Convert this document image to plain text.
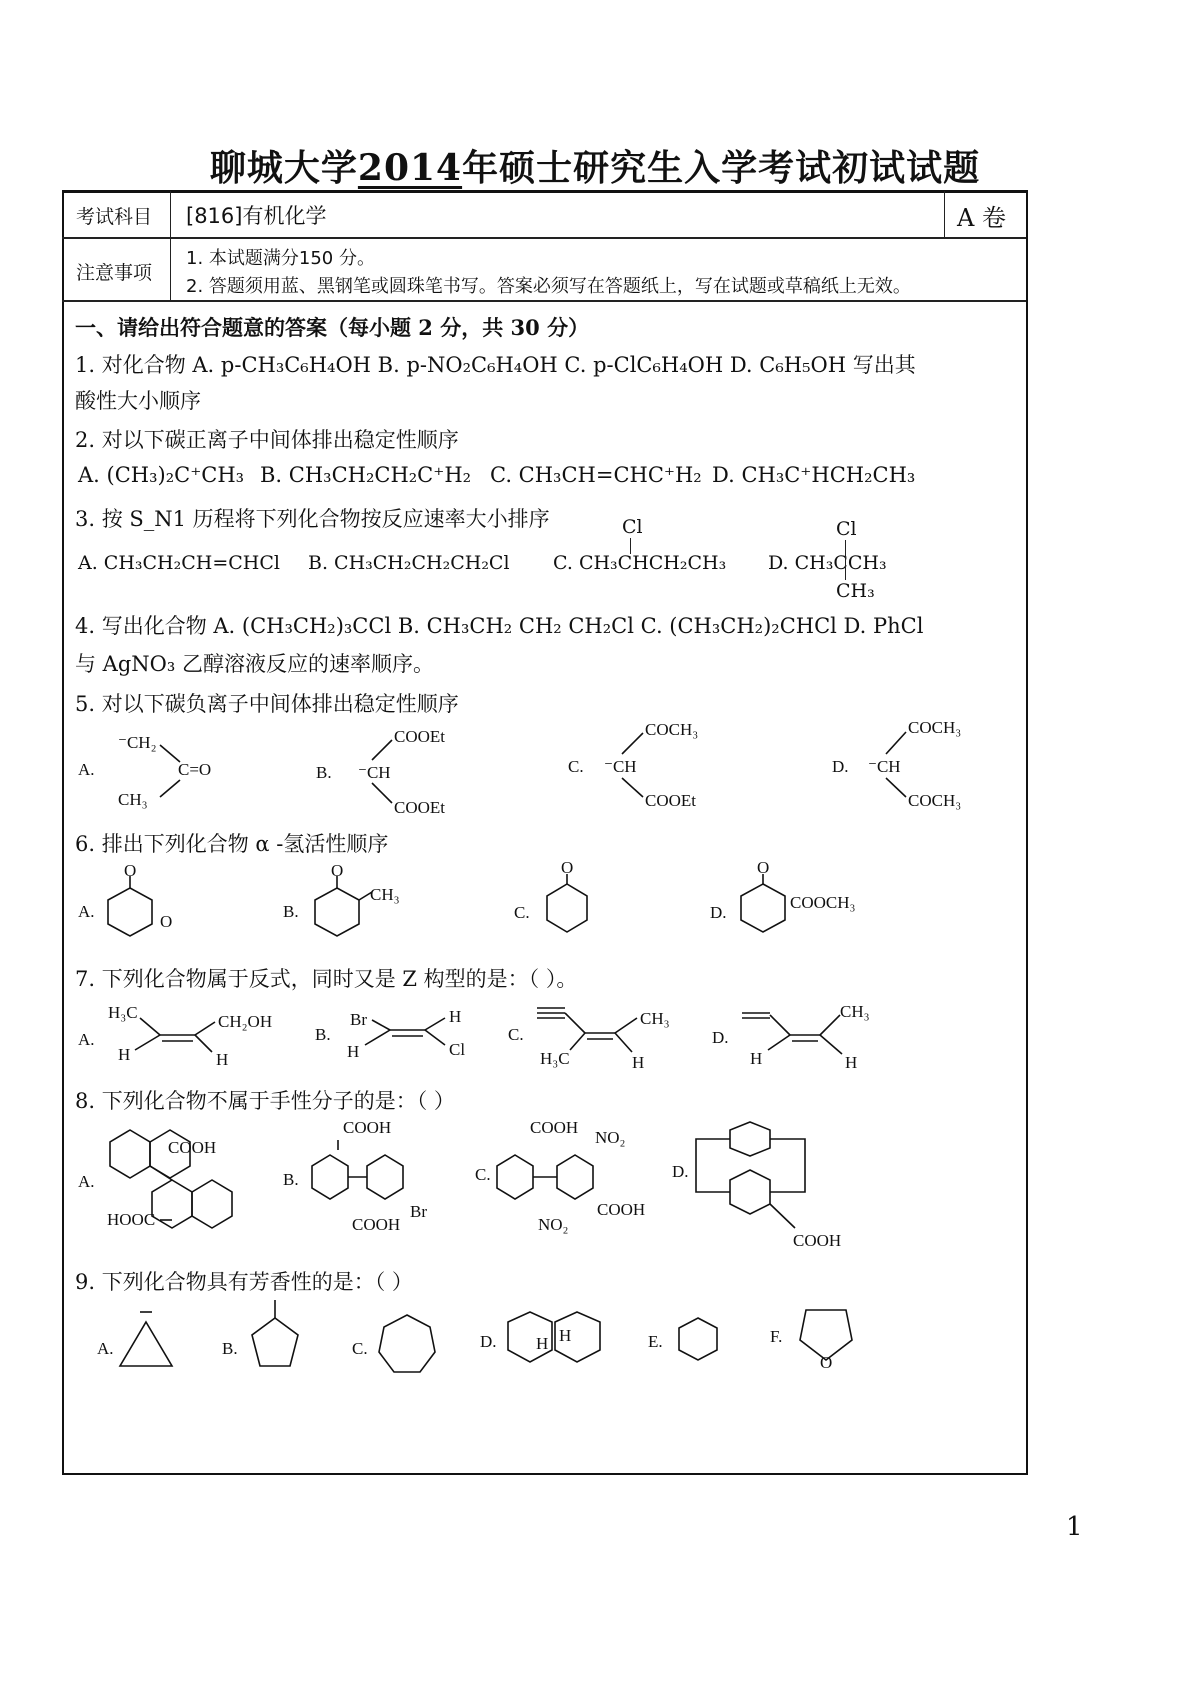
聊城大学2014年硕士研究生入学考试初试试题
考试科目 [816]有机化学	A 卷
注意事项
1. 本试题满分150 分。
2. 答题须用蓝、黑钢笔或圆珠笔书写。答案必须写在答题纸上，写在试题或草稿纸上无效。
一、请给出符合题意的答案（每小题 2 分，共 30 分）
1. 对化合物 A. p-CH₃C₆H₄OH B. p-NO₂C₆H₄OH C. p-ClC₆H₄OH D. C₆H₅OH 写出其
酸性大小顺序
2. 对以下碳正离子中间体排出稳定性顺序
A. (CH₃)₂C⁺CH₃ B. CH₃CH₂CH₂C⁺H₂ C. CH₃CH=CHC⁺H₂ D. CH₃C⁺HCH₂CH₃
3. 按 S_N1 历程将下列化合物按反应速率大小排序
A. CH₃CH₂CH=CHCl B. CH₃CH₂CH₂CH₂Cl C. CH₃CHCH₂CH₃
Cl
D. CH₃CCH₃
Cl
CH₃
4. 写出化合物 A. (CH₃CH₂)₃CCl B. CH₃CH₂ CH₂ CH₂Cl C. (CH₃CH₂)₂CHCl D. PhCl
与 AgNO₃ 乙醇溶液反应的速率顺序。
5. 对以下碳负离子中间体排出稳定性顺序
A.
⁻CH₂
C=O
CH₃
B.
COOEt
⁻CH
COOEt
C.
COCH₃
⁻CH
COOEt
D.
COCH₃
⁻CH
COCH₃
6. 排出下列化合物 α -氢活性顺序
A.
O
O
B.
O
CH₃
C.
O
D.
O
COOCH₃
7. 下列化合物属于反式，同时又是 Z 构型的是：（ ）。
A.
H₃C	CH₂OH
H	H
B.
Br	H
H	Cl
C.
CH₃
H₃C	H
D.
CH₃
H	H
8. 下列化合物不属于手性分子的是：（ ）
A.
COOH
HOOC
B.
COOH
COOH
Br
C.
COOH
NO₂
NO₂
COOH
D.
COOH
9. 下列化合物具有芳香性的是：（ ）
A.	B.	C.	D. H H	E.	F.
O
1
